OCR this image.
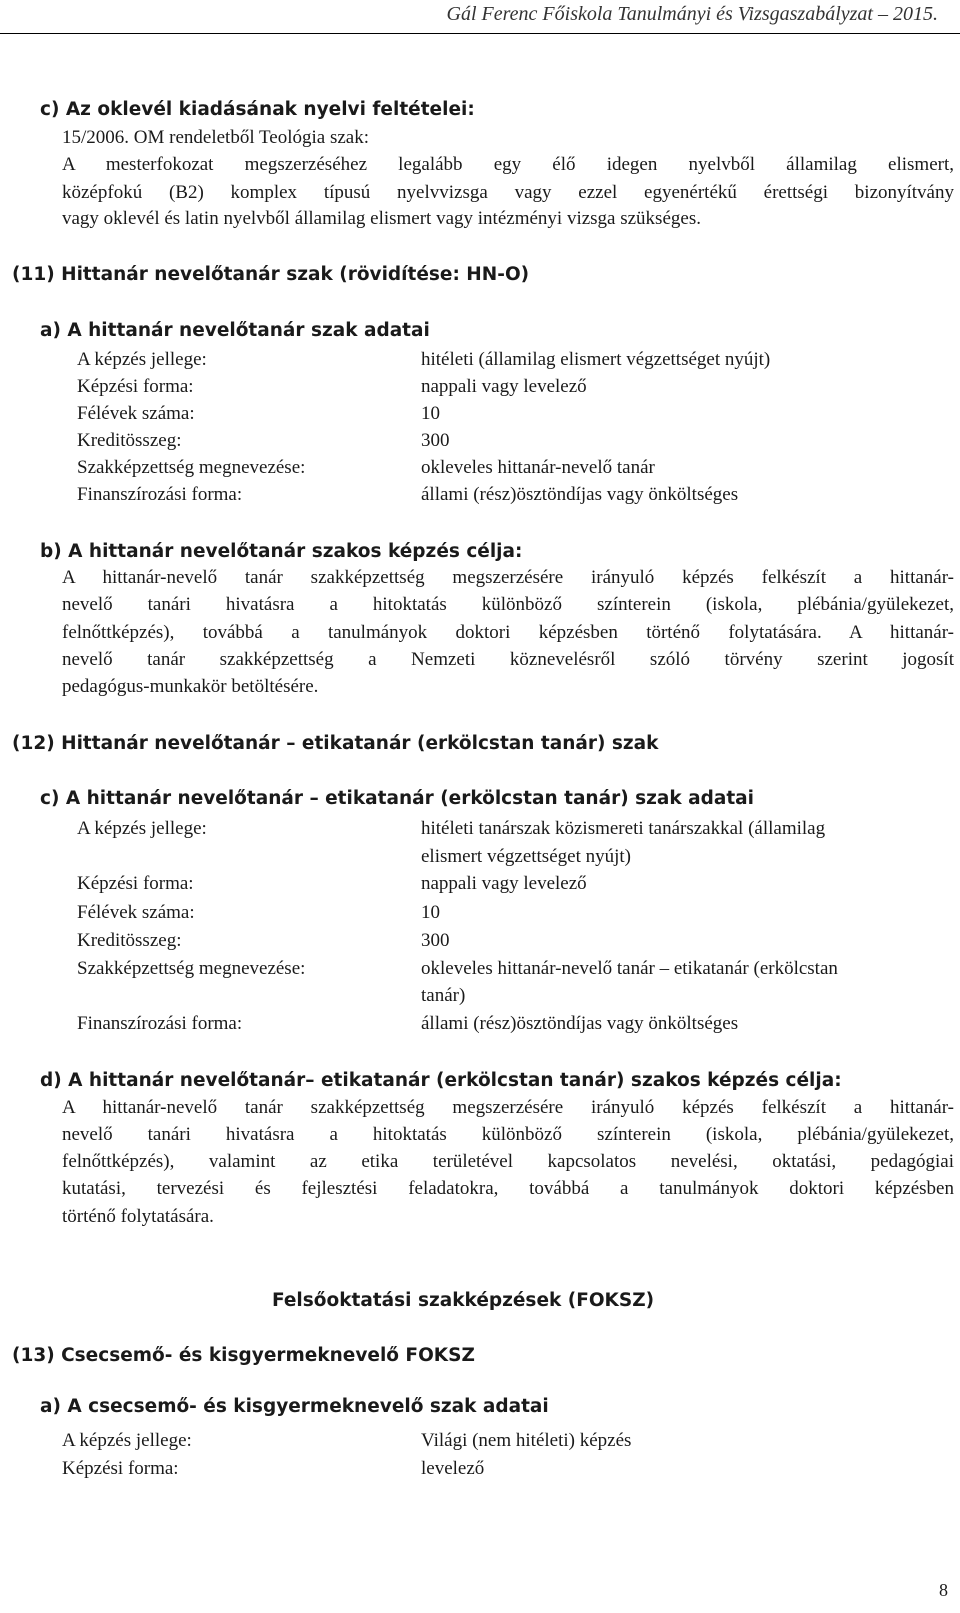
Gál Ferenc Főiskola Tanulmányi és Vizsgaszabályzat – 2015.
c) Az oklevél kiadásának nyelvi feltételei:
15/2006. OM rendeletből Teológia szak:
A mesterfokozat megszerzéséhez legalább egy élő idegen nyelvből államilag elismert,
középfokú (B2) komplex típusú nyelvvizsga vagy ezzel egyenértékű érettségi bizonyítvány
vagy oklevél és latin nyelvből államilag elismert vagy intézményi vizsga szükséges.
(11) Hittanár nevelőtanár szak (rövidítése: HN-O)
a) A hittanár nevelőtanár szak adatai
A képzés jellege:	hitéleti (államilag elismert végzettséget nyújt)
Képzési forma:	nappali vagy levelező
Félévek száma:	10
Kreditösszeg:	300
Szakképzettség megnevezése:	okleveles hittanár-nevelő tanár
Finanszírozási forma:	állami (rész)ösztöndíjas vagy önköltséges
b) A hittanár nevelőtanár szakos képzés célja:
A hittanár-nevelő tanár szakképzettség megszerzésére irányuló képzés felkészít a hittanár-
nevelő tanári hivatásra a hitoktatás különböző színterein (iskola, plébánia/gyülekezet,
felnőttképzés), továbbá a tanulmányok doktori képzésben történő folytatására. A hittanár-
nevelő tanár szakképzettség a Nemzeti köznevelésről szóló törvény szerint jogosít
pedagógus-munkakör betöltésére.
(12) Hittanár nevelőtanár – etikatanár (erkölcstan tanár) szak
c) A hittanár nevelőtanár – etikatanár (erkölcstan tanár) szak adatai
A képzés jellege:	hitéleti tanárszak közismereti tanárszakkal (államilag
elismert végzettséget nyújt)
Képzési forma:	nappali vagy levelező
Félévek száma:	10
Kreditösszeg:	300
Szakképzettség megnevezése:	okleveles hittanár-nevelő tanár – etikatanár (erkölcstan
tanár)
Finanszírozási forma:	állami (rész)ösztöndíjas vagy önköltséges
d) A hittanár nevelőtanár– etikatanár (erkölcstan tanár) szakos képzés célja:
A hittanár-nevelő tanár szakképzettség megszerzésére irányuló képzés felkészít a hittanár-
nevelő tanári hivatásra a hitoktatás különböző színterein (iskola, plébánia/gyülekezet,
felnőttképzés), valamint az etika területével kapcsolatos nevelési, oktatási, pedagógiai
kutatási, tervezési és fejlesztési feladatokra, továbbá a tanulmányok doktori képzésben
történő folytatására.
Felsőoktatási szakképzések (FOKSZ)
(13) Csecsemő- és kisgyermeknevelő FOKSZ
a) A csecsemő- és kisgyermeknevelő szak adatai
A képzés jellege:	Világi (nem hitéleti) képzés
Képzési forma:	levelező
8
